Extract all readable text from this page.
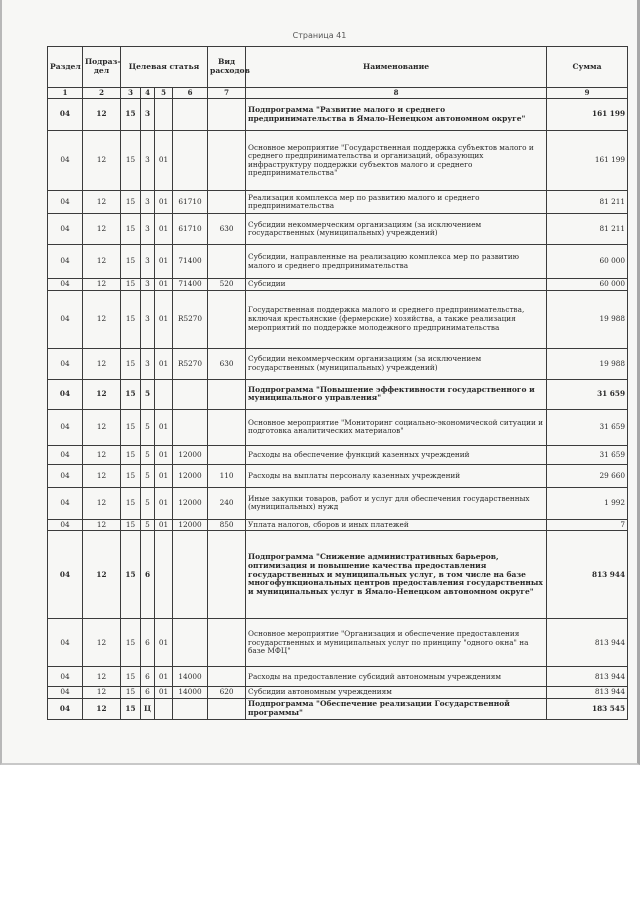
Страница 41
Раздел	Подраз-дел	Целевая статья				Вид расходов	Наименование	Сумма
1	2	3	4	5	6	7	8	9
04	12	15	3				Подпрограмма "Развитие малого и среднего предпринимательства в Ямало-Ненецком автономном округе"	161 199
04	12	15	3	01			Основное мероприятие "Государственная поддержка субъектов малого и среднего предпринимательства и организаций, образующих инфраструктуру поддержки субъектов малого и среднего предпринимательства"	161 199
04	12	15	3	01	61710		Реализация комплекса мер по развитию малого и среднего предпринимательства	81 211
04	12	15	3	01	61710	630	Субсидии некоммерческим организациям (за исключением государственных (муниципальных) учреждений)	81 211
04	12	15	3	01	71400		Субсидии, направленные на реализацию комплекса мер по развитию малого и среднего предпринимательства	60 000
04	12	15	3	01	71400	520	Субсидии	60 000
04	12	15	3	01	R5270		Государственная поддержка малого и среднего предпринимательства, включая крестьянские (фермерские) хозяйства, а также реализация мероприятий по поддержке молодежного предпринимательства	19 988
04	12	15	3	01	R5270	630	Субсидии некоммерческим организациям (за исключением государственных (муниципальных) учреждений)	19 988
04	12	15	5				Подпрограмма "Повышение эффективности государственного и муниципального управления"	31 659
04	12	15	5	01			Основное мероприятие "Мониторинг социально-экономической ситуации и подготовка аналитических материалов"	31 659
04	12	15	5	01	12000		Расходы на обеспечение функций казенных учреждений	31 659
04	12	15	5	01	12000	110	Расходы на выплаты персоналу казенных учреждений	29 660
04	12	15	5	01	12000	240	Иные закупки товаров, работ и услуг для обеспечения государственных (муниципальных) нужд	1 992
04	12	15	5	01	12000	850	Уплата налогов, сборов и иных платежей	7
04	12	15	6				Подпрограмма "Снижение административных барьеров, оптимизация и повышение качества предоставления государственных и муниципальных услуг, в том числе на базе многофункциональных центров предоставления государственных и муниципальных услуг в Ямало-Ненецком автономном округе"	813 944
04	12	15	6	01			Основное мероприятие "Организация и обеспечение предоставления государственных и муниципальных услуг по принципу "одного окна" на базе МФЦ"	813 944
04	12	15	6	01	14000		Расходы на предоставление субсидий автономным учреждениям	813 944
04	12	15	6	01	14000	620	Субсидии автономным учреждениям	813 944
04	12	15	Ц				Подпрограмма "Обеспечение реализации Государственной программы"	183 545
